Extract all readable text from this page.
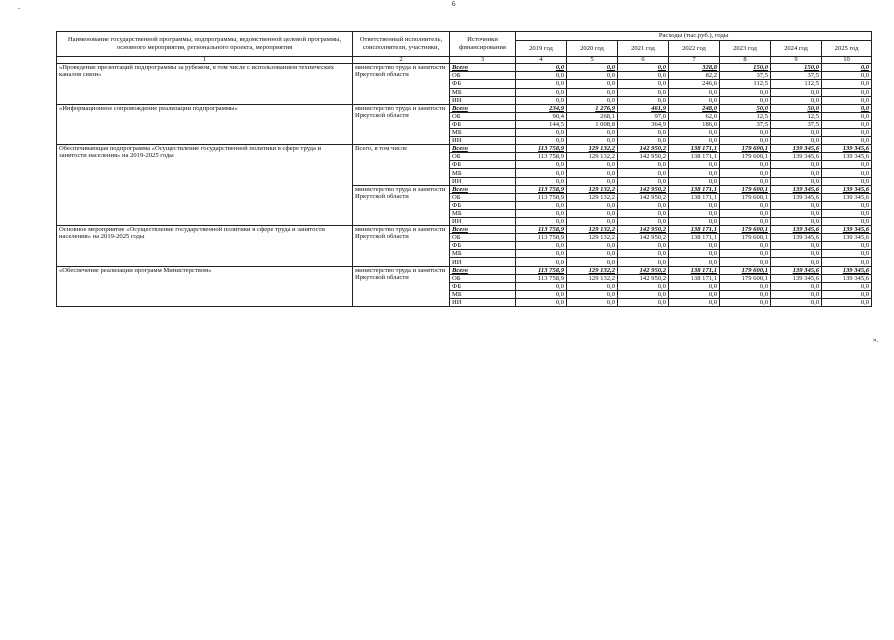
-	6
».
Наименование государственной программы, подпрограммы, ведомственной целевой программы, основного мероприятия, регионального проекта, мероприятия	Ответственный исполнитель, соисполнители, участники,	Источники финансирования	Расходы (тыс.руб.), годы						
			2019 год	2020 год	2021 год	2022 год	2023 год	2024 год	2025 год
1	2	3	4	5	6	7	8	9	10
«Проведение презентаций подпрограммы за рубежом, в том числе с использованием технических каналов связи»	министерство труда и занятости Иркутской области	Всего	0,0	0,0	0,0	328,8	150,0	150,0	0,0
		ОБ	0,0	0,0	0,0	82,2	37,5	37,5	0,0
		ФБ	0,0	0,0	0,0	246,6	112,5	112,5	0,0
		МБ	0,0	0,0	0,0	0,0	0,0	0,0	0,0
		ИИ	0,0	0,0	0,0	0,0	0,0	0,0	0,0
«Информационное сопровождение реализации подпрограммы»	министерство труда и занятости Иркутской области	Всего	234,9	1 276,9	461,9	248,0	50,0	50,0	0,0
		ОБ	90,4	268,1	97,0	62,0	12,5	12,5	0,0
		ФБ	144,5	1 008,8	364,9	186,0	37,5	37,5	0,0
		МБ	0,0	0,0	0,0	0,0	0,0	0,0	0,0
		ИИ	0,0	0,0	0,0	0,0	0,0	0,0	0,0
Обеспечивающая подпрограмма «Осуществление государственной политики в сфере труда и занятости населения» на 2019-2025 годы	Всего, в том числе	Всего	113 758,9	129 132,2	142 950,2	138 171,1	179 600,1	139 345,6	139 345,6
		ОБ	113 758,9	129 132,2	142 950,2	138 171,1	179 600,1	139 345,6	139 345,6
		ФБ	0,0	0,0	0,0	0,0	0,0	0,0	0,0
		МБ	0,0	0,0	0,0	0,0	0,0	0,0	0,0
		ИИ	0,0	0,0	0,0	0,0	0,0	0,0	0,0
	министерство труда и занятости Иркутской области	Всего	113 758,9	129 132,2	142 950,2	138 171,1	179 600,1	139 345,6	139 345,6
		ОБ	113 758,9	129 132,2	142 950,2	138 171,1	179 600,1	139 345,6	139 345,6
		ФБ	0,0	0,0	0,0	0,0	0,0	0,0	0,0
		МБ	0,0	0,0	0,0	0,0	0,0	0,0	0,0
		ИИ	0,0	0,0	0,0	0,0	0,0	0,0	0,0
Основное мероприятие «Осуществление государственной политики в сфере труда и занятости населения» на 2019-2025 годы	министерство труда и занятости Иркутской области	Всего	113 758,9	129 132,2	142 950,2	138 171,1	179 600,1	139 345,6	139 345,6
		ОБ	113 758,9	129 132,2	142 950,2	138 171,1	179 600,1	139 345,6	139 345,6
		ФБ	0,0	0,0	0,0	0,0	0,0	0,0	0,0
		МБ	0,0	0,0	0,0	0,0	0,0	0,0	0,0
		ИИ	0,0	0,0	0,0	0,0	0,0	0,0	0,0
«Обеспечение реализации программ Министерством»	министерство труда и занятости Иркутской области	Всего	113 758,9	129 132,2	142 950,2	138 171,1	179 600,1	139 345,6	139 345,6
		ОБ	113 758,9	129 132,2	142 950,2	138 171,1	179 600,1	139 345,6	139 345,6
		ФБ	0,0	0,0	0,0	0,0	0,0	0,0	0,0
		МБ	0,0	0,0	0,0	0,0	0,0	0,0	0,0
		ИИ	0,0	0,0	0,0	0,0	0,0	0,0	0,0
